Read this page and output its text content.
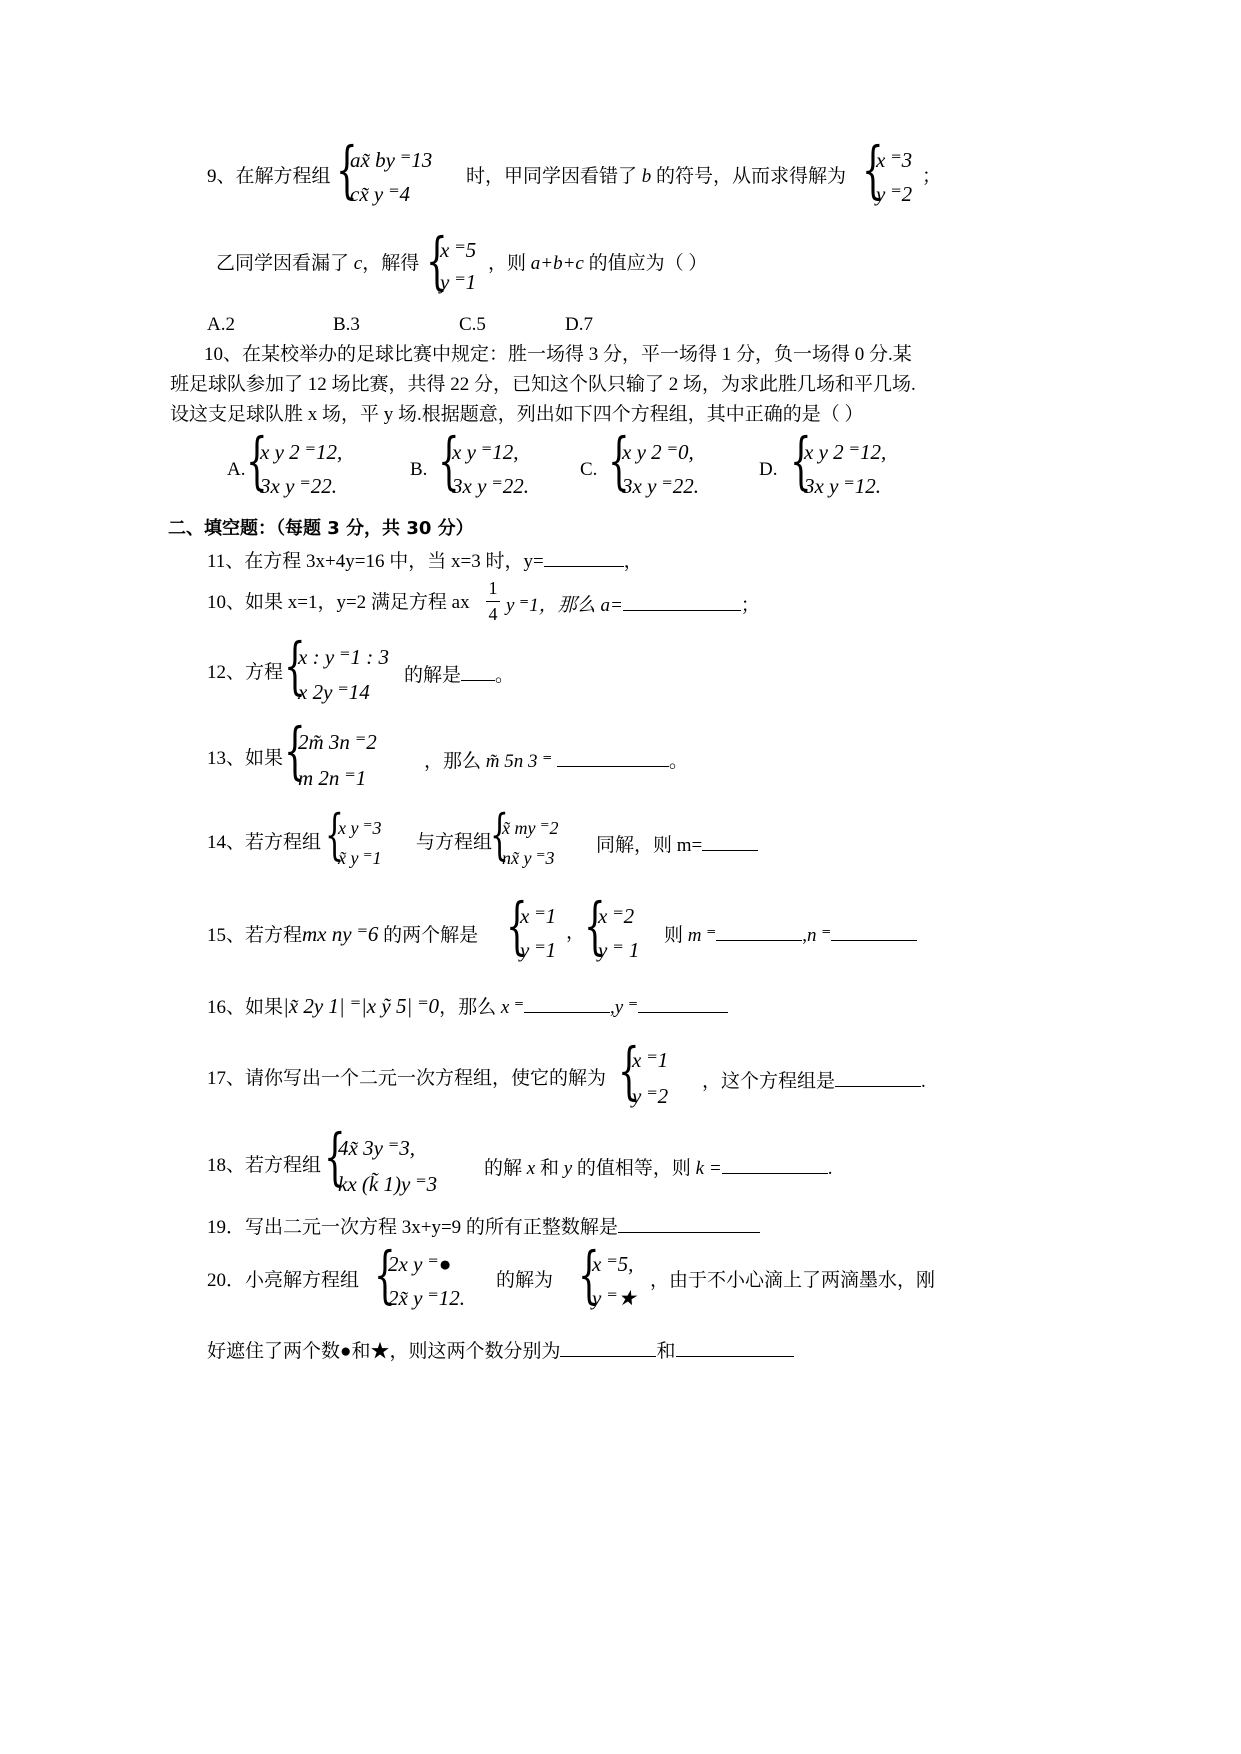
9、在解方程组 {
ax̃ by ⁼13
cx̃ y ⁼4
时，甲同学因看错了 b 的符号，从而求得解为 {
x ⁼3
y ⁼2
；
乙同学因看漏了 c，解得 {
x ⁼5
y ⁼1
，则 a+b+c 的值应为（ ）
A.2	B.3	C.5	D.7
10、在某校举办的足球比赛中规定：胜一场得 3 分，平一场得 1 分，负一场得 0 分.某
班足球队参加了 12 场比赛，共得 22 分，已知这个队只输了 2 场，为求此胜几场和平几场.
设这支足球队胜 x 场，平 y 场.根据题意，列出如下四个方程组，其中正确的是（ ）
A. {
x y 2 ⁼12,
3x y ⁼22.
B. {
x y ⁼12,
3x y ⁼22.
C. {
x y 2 ⁼0,
3x y ⁼22.
D. {
x y 2 ⁼12,
3x y ⁼12.
二、填空题：（每题 3 分，共 30 分）
11、在方程 3x+4y=16 中，当 x=3 时，y=	，
10、如果 x=1，y=2 满足方程 ax
1
4 y ⁼1，那么 a=	；
12、方程 {
x : y ⁼1 : 3
x 2y ⁼14
的解是 。
13、如果 {
2m̃ 3n ⁼2
m 2n ⁼1
，那么 m̃ 5n 3 ⁼	。
14、若方程组 {
x y ⁼3
x̃ y ⁼1
与方程组
{
x̃ my ⁼2
nx̃ y ⁼3
同解，则 m=
15、若方程mx ny ⁼6 的两个解是 {
x ⁼1
y ⁼1
，
{
x ⁼2
y ⁼ 1
则 m ⁼	,n ⁼
16、如果|x̃ 2y 1| ⁼|x ỹ 5| ⁼0，那么 x ⁼	,y ⁼
17、请你写出一个二元一次方程组，使它的解为 {
x ⁼1
y ⁼2
，这个方程组是	.
18、若方程组 {
4x̃ 3y ⁼3,
kx (k̃ 1)y ⁼3
的解 x 和 y 的值相等，则 k =	.
19．写出二元一次方程 3x+y=9 的所有正整数解是
20．小亮解方程组 {
2x y ⁼●
2x̃ y ⁼12.
的解为 {
x ⁼5,
y ⁼★
，由于不小心滴上了两滴墨水，刚
好遮住了两个数●和★，则这两个数分别为	和
